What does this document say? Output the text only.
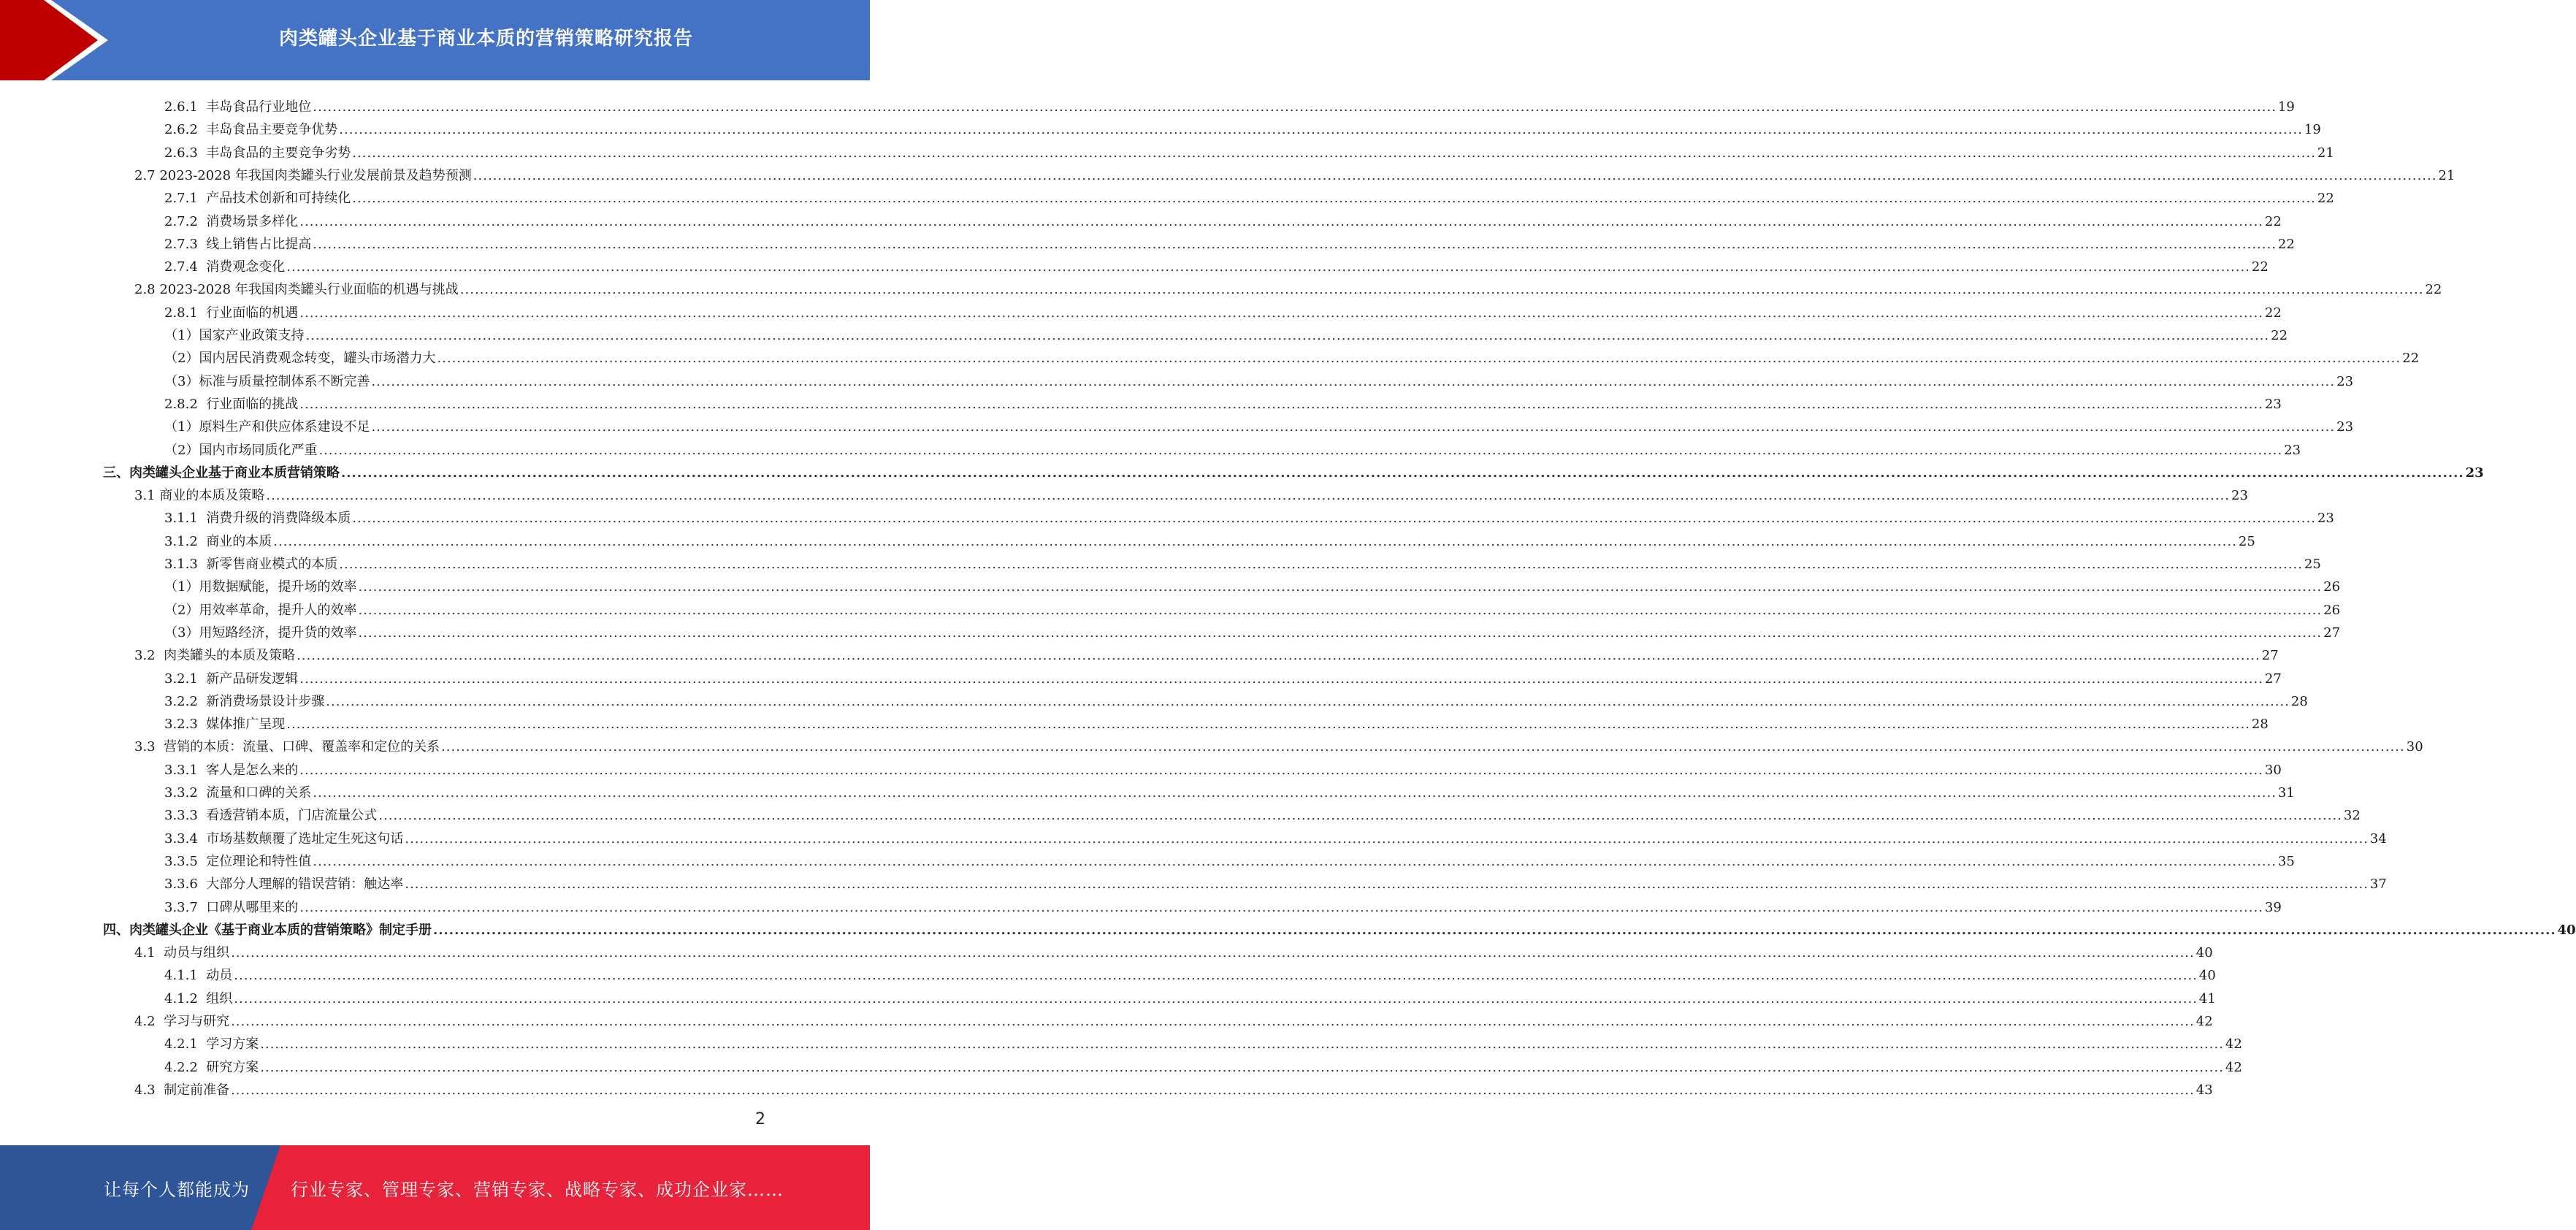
肉类罐头企业基于商业本质的营销策略研究报告
2.6.1  丰岛食品行业地位 ................................................................................................................................................................................................................................................................................................................................................................................................................ 19
2.6.2  丰岛食品主要竞争优势 ................................................................................................................................................................................................................................................................................................................................................................................................................ 19
2.6.3  丰岛食品的主要竞争劣势 ................................................................................................................................................................................................................................................................................................................................................................................................................ 21
2.7 2023-2028 年我国肉类罐头行业发展前景及趋势预测 ................................................................................................................................................................................................................................................................................................................................................................................................................ 21
2.7.1  产品技术创新和可持续化 ................................................................................................................................................................................................................................................................................................................................................................................................................ 22
2.7.2  消费场景多样化 ................................................................................................................................................................................................................................................................................................................................................................................................................ 22
2.7.3  线上销售占比提高 ................................................................................................................................................................................................................................................................................................................................................................................................................ 22
2.7.4  消费观念变化 ................................................................................................................................................................................................................................................................................................................................................................................................................ 22
2.8 2023-2028 年我国肉类罐头行业面临的机遇与挑战 ................................................................................................................................................................................................................................................................................................................................................................................................................ 22
2.8.1  行业面临的机遇 ................................................................................................................................................................................................................................................................................................................................................................................................................ 22
（1）国家产业政策支持 ................................................................................................................................................................................................................................................................................................................................................................................................................ 22
（2）国内居民消费观念转变，罐头市场潜力大 ................................................................................................................................................................................................................................................................................................................................................................................................................ 22
（3）标准与质量控制体系不断完善 ................................................................................................................................................................................................................................................................................................................................................................................................................ 23
2.8.2  行业面临的挑战 ................................................................................................................................................................................................................................................................................................................................................................................................................ 23
（1）原料生产和供应体系建设不足 ................................................................................................................................................................................................................................................................................................................................................................................................................ 23
（2）国内市场同质化严重 ................................................................................................................................................................................................................................................................................................................................................................................................................ 23
三、肉类罐头企业基于商业本质营销策略 ................................................................................................................................................................................................................................................................................................................................................................................................................ 23
3.1 商业的本质及策略 ................................................................................................................................................................................................................................................................................................................................................................................................................ 23
3.1.1  消费升级的消费降级本质 ................................................................................................................................................................................................................................................................................................................................................................................................................ 23
3.1.2  商业的本质 ................................................................................................................................................................................................................................................................................................................................................................................................................ 25
3.1.3  新零售商业模式的本质 ................................................................................................................................................................................................................................................................................................................................................................................................................ 25
（1）用数据赋能，提升场的效率 ................................................................................................................................................................................................................................................................................................................................................................................................................ 26
（2）用效率革命，提升人的效率 ................................................................................................................................................................................................................................................................................................................................................................................................................ 26
（3）用短路经济，提升货的效率 ................................................................................................................................................................................................................................................................................................................................................................................................................ 27
3.2  肉类罐头的本质及策略 ................................................................................................................................................................................................................................................................................................................................................................................................................ 27
3.2.1  新产品研发逻辑 ................................................................................................................................................................................................................................................................................................................................................................................................................ 27
3.2.2  新消费场景设计步骤 ................................................................................................................................................................................................................................................................................................................................................................................................................ 28
3.2.3  媒体推广呈现 ................................................................................................................................................................................................................................................................................................................................................................................................................ 28
3.3  营销的本质：流量、口碑、覆盖率和定位的关系 ................................................................................................................................................................................................................................................................................................................................................................................................................ 30
3.3.1  客人是怎么来的 ................................................................................................................................................................................................................................................................................................................................................................................................................ 30
3.3.2  流量和口碑的关系 ................................................................................................................................................................................................................................................................................................................................................................................................................ 31
3.3.3  看透营销本质，门店流量公式 ................................................................................................................................................................................................................................................................................................................................................................................................................ 32
3.3.4  市场基数颠覆了选址定生死这句话 ................................................................................................................................................................................................................................................................................................................................................................................................................ 34
3.3.5  定位理论和特性值 ................................................................................................................................................................................................................................................................................................................................................................................................................ 35
3.3.6  大部分人理解的错误营销：触达率 ................................................................................................................................................................................................................................................................................................................................................................................................................ 37
3.3.7  口碑从哪里来的 ................................................................................................................................................................................................................................................................................................................................................................................................................ 39
四、肉类罐头企业《基于商业本质的营销策略》制定手册 ................................................................................................................................................................................................................................................................................................................................................................................................................ 40
4.1  动员与组织 ................................................................................................................................................................................................................................................................................................................................................................................................................ 40
4.1.1  动员 ................................................................................................................................................................................................................................................................................................................................................................................................................ 40
4.1.2  组织 ................................................................................................................................................................................................................................................................................................................................................................................................................ 41
4.2  学习与研究 ................................................................................................................................................................................................................................................................................................................................................................................................................ 42
4.2.1  学习方案 ................................................................................................................................................................................................................................................................................................................................................................................................................ 42
4.2.2  研究方案 ................................................................................................................................................................................................................................................................................................................................................................................................................ 42
4.3  制定前准备 ................................................................................................................................................................................................................................................................................................................................................................................................................ 43
2
让每个人都能成为 行业专家、管理专家、营销专家、战略专家、成功企业家……
